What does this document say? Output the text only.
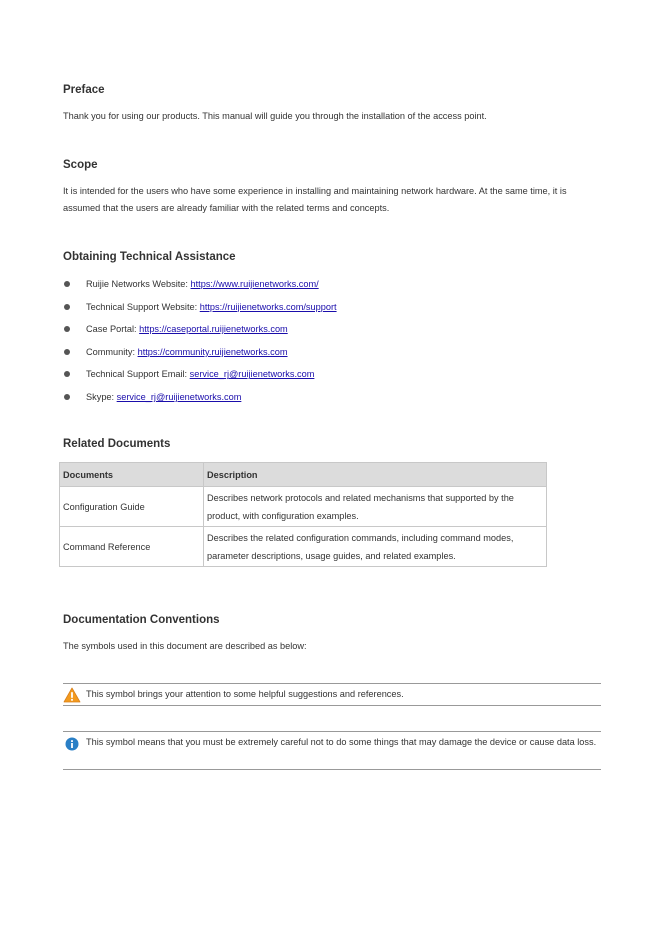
Preface

Thank you for using our products. This manual will guide you through the installation of the access point.

Scope

It is intended for the users who have some experience in installing and maintaining network hardware. At the same time, it is assumed that the users are already familiar with the related terms and concepts.

Obtaining Technical Assistance
Ruijie Networks Website: https://www.ruijienetworks.com/
Technical Support Website: https://ruijienetworks.com/support
Case Portal: https://caseportal.ruijienetworks.com
Community: https://community.ruijienetworks.com
Technical Support Email: service_rj@ruijienetworks.com
Skype: service_rj@ruijienetworks.com
Related Documents
Documents	Description
Configuration Guide	Describes network protocols and related mechanisms that supported by the product, with configuration examples.
Command Reference	Describes the related configuration commands, including command modes, parameter descriptions, usage guides, and related examples.
Documentation Conventions

The symbols used in this document are described as below:

This symbol brings your attention to some helpful suggestions and references.
This symbol means that you must be extremely careful not to do some things that may damage the device or cause data loss.
